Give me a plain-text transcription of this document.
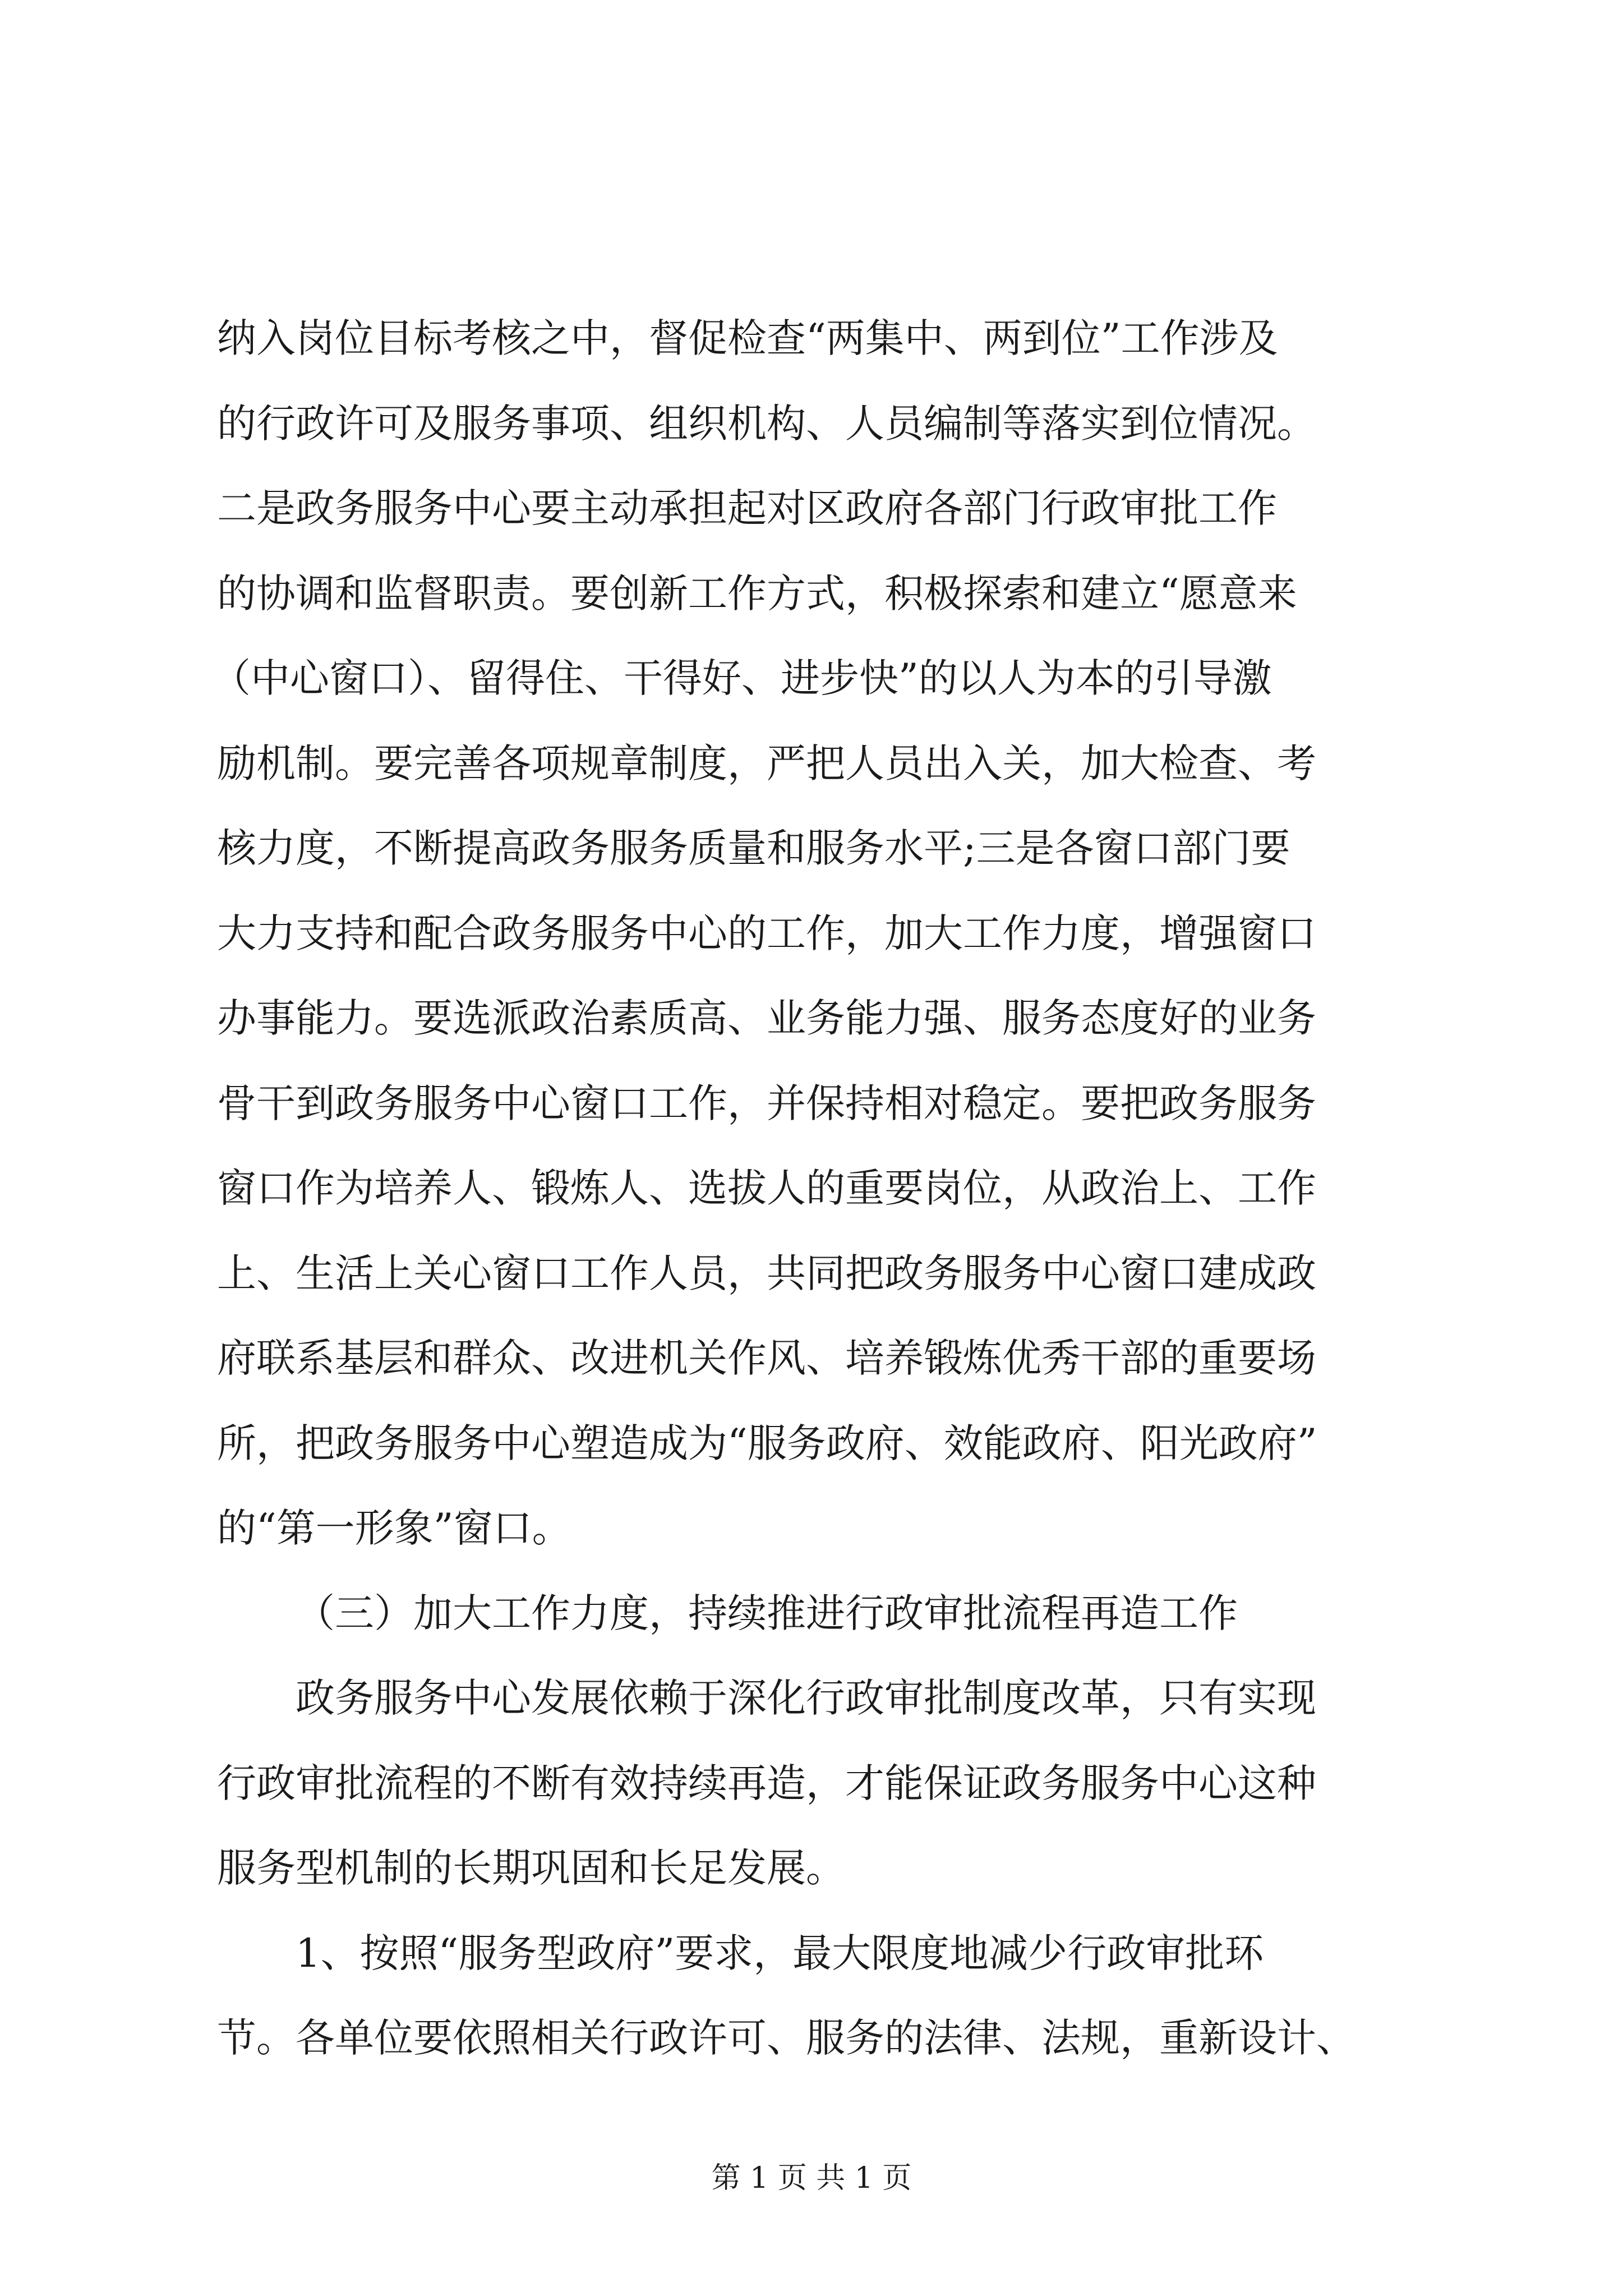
纳入岗位目标考核之中，督促检查“两集中、两到位”工作涉及
的行政许可及服务事项、组织机构、人员编制等落实到位情况。
二是政务服务中心要主动承担起对区政府各部门行政审批工作
的协调和监督职责。要创新工作方式，积极探索和建立“愿意来
（中心窗口）、留得住、干得好、进步快”的以人为本的引导激
励机制。要完善各项规章制度，严把人员出入关，加大检查、考
核力度，不断提高政务服务质量和服务水平;三是各窗口部门要
大力支持和配合政务服务中心的工作，加大工作力度，增强窗口
办事能力。要选派政治素质高、业务能力强、服务态度好的业务
骨干到政务服务中心窗口工作，并保持相对稳定。要把政务服务
窗口作为培养人、锻炼人、选拔人的重要岗位，从政治上、工作
上、生活上关心窗口工作人员，共同把政务服务中心窗口建成政
府联系基层和群众、改进机关作风、培养锻炼优秀干部的重要场
所，把政务服务中心塑造成为“服务政府、效能政府、阳光政府”
的“第一形象”窗口。
（三）加大工作力度，持续推进行政审批流程再造工作
政务服务中心发展依赖于深化行政审批制度改革，只有实现
行政审批流程的不断有效持续再造，才能保证政务服务中心这种
服务型机制的长期巩固和长足发展。
1、按照“服务型政府”要求，最大限度地减少行政审批环
节。各单位要依照相关行政许可、服务的法律、法规，重新设计、
第 1 页 共 1 页
